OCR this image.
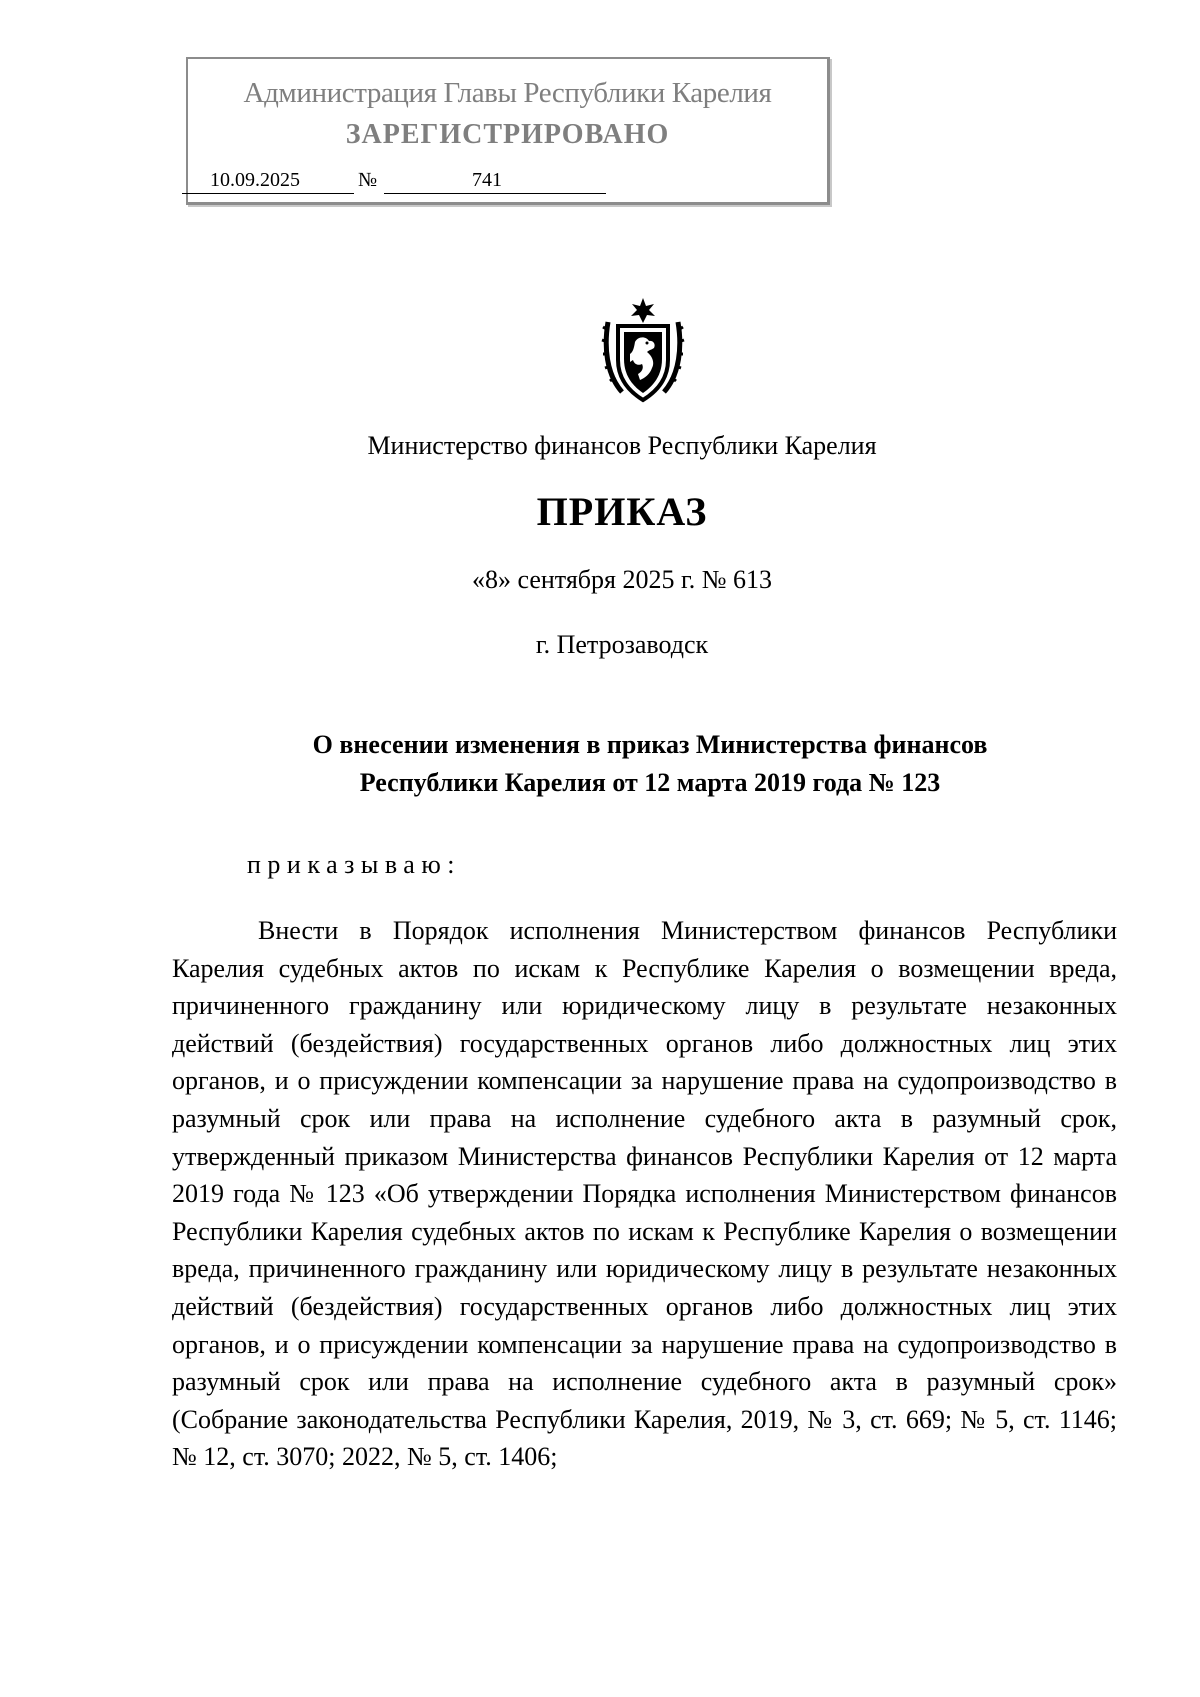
Администрация Главы Республики Карелия
ЗАРЕГИСТРИРОВАНО
10.09.2025	№	741
Министерство финансов Республики Карелия
ПРИКАЗ
«8» сентября 2025 г. № 613
г. Петрозаводск
О внесении изменения в приказ Министерства финансов
Республики Карелия от 12 марта 2019 года № 123
приказываю:

Внести в Порядок исполнения Министерством финансов Республики Карелия судебных актов по искам к Республике Карелия о возмещении вреда, причиненного гражданину или юридическому лицу в результате незаконных действий (бездействия) государственных органов либо должностных лиц этих органов, и о присуждении компенсации за нарушение права на судопроизводство в разумный срок или права на исполнение судебного акта в разумный срок, утвержденный приказом Министерства финансов Республики Карелия от 12 марта 2019 года № 123 «Об утверждении Порядка исполнения Министерством финансов Республики Карелия судебных актов по искам к Республике Карелия о возмещении вреда, причиненного гражданину или юридическому лицу в результате незаконных действий (бездействия) государственных органов либо должностных лиц этих органов, и о присуждении компенсации за нарушение права на судопроизводство в разумный срок или права на исполнение судебного акта в разумный срок» (Собрание законодательства Республики Карелия, 2019, № 3, ст. 669; № 5, ст. 1146; № 12, ст. 3070; 2022, № 5, ст. 1406;
